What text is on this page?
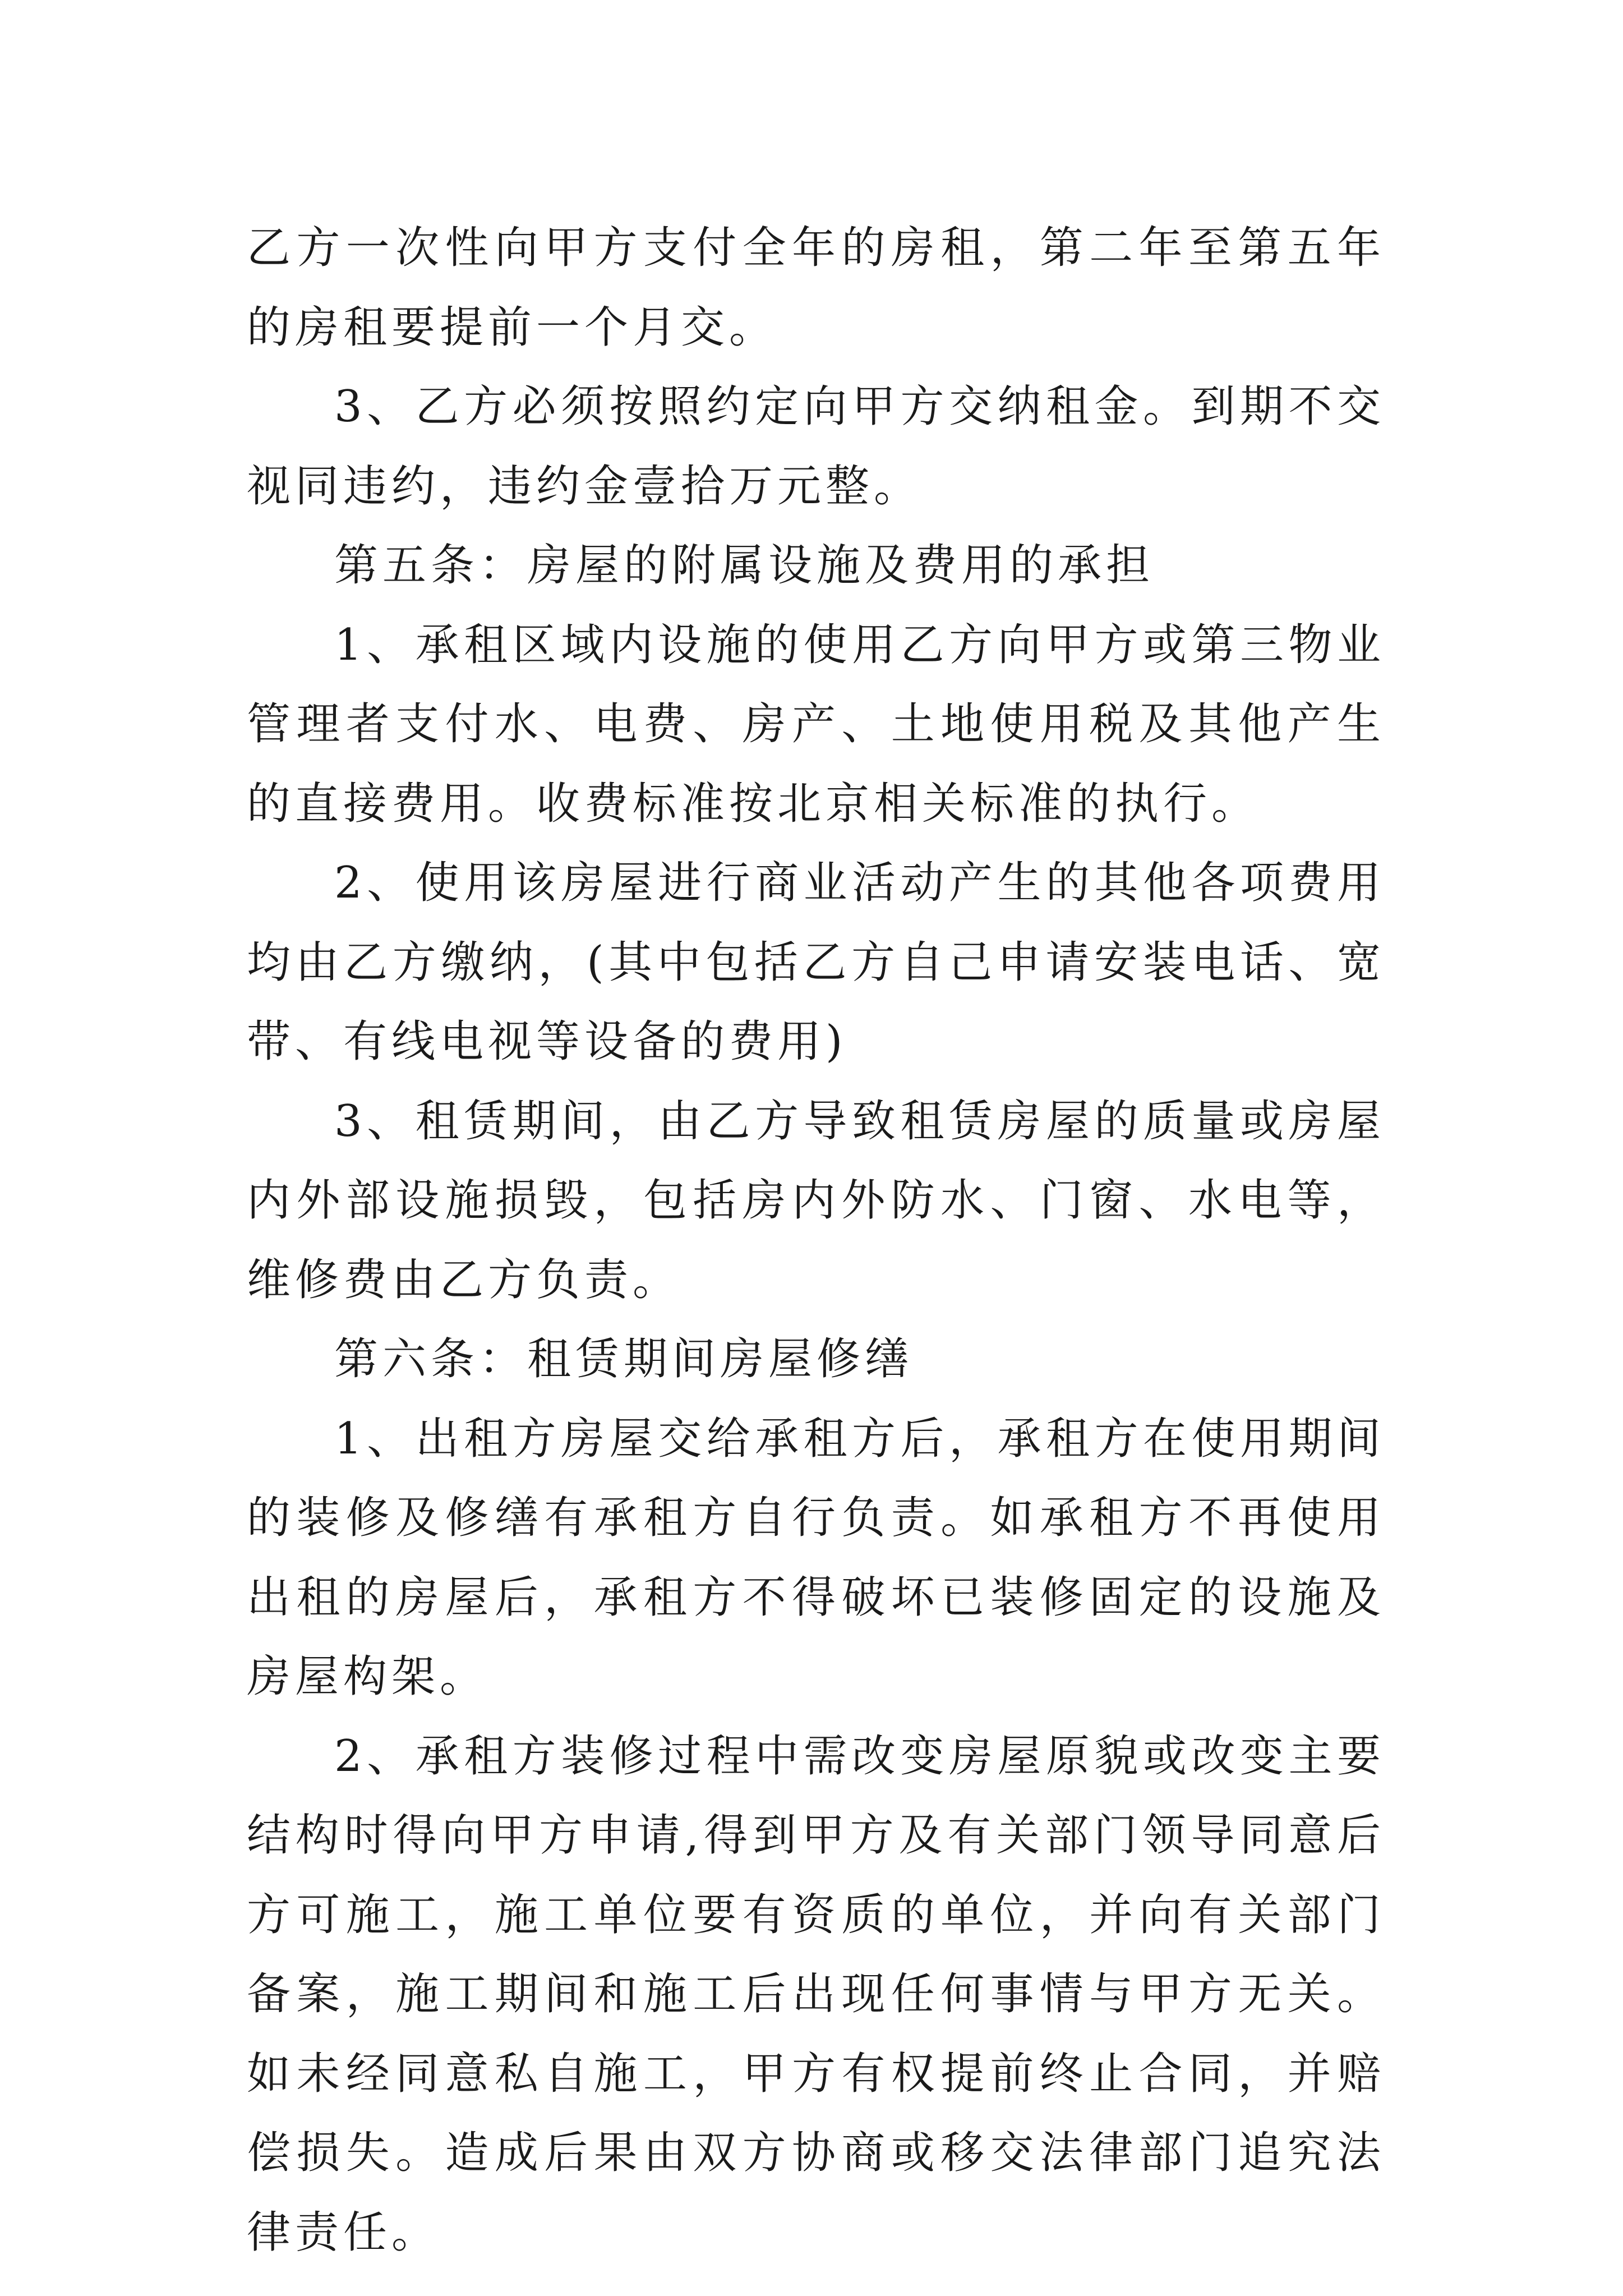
乙方一次性向甲方支付全年的房租，第二年至第五年的房租要提前一个月交。

3、乙方必须按照约定向甲方交纳租金。到期不交视同违约，违约金壹拾万元整。

第五条：房屋的附属设施及费用的承担

1、承租区域内设施的使用乙方向甲方或第三物业管理者支付水、电费、房产、土地使用税及其他产生的直接费用。收费标准按北京相关标准的执行。

2、使用该房屋进行商业活动产生的其他各项费用均由乙方缴纳，(其中包括乙方自己申请安装电话、宽带、有线电视等设备的费用)

3、租赁期间，由乙方导致租赁房屋的质量或房屋内外部设施损毁，包括房内外防水、门窗、水电等，维修费由乙方负责。

第六条：租赁期间房屋修缮

1、出租方房屋交给承租方后，承租方在使用期间的装修及修缮有承租方自行负责。如承租方不再使用出租的房屋后，承租方不得破坏已装修固定的设施及房屋构架。

2、承租方装修过程中需改变房屋原貌或改变主要结构时得向甲方申请,得到甲方及有关部门领导同意后方可施工，施工单位要有资质的单位，并向有关部门备案，施工期间和施工后出现任何事情与甲方无关。如未经同意私自施工，甲方有权提前终止合同，并赔偿损失。造成后果由双方协商或移交法律部门追究法律责任。
